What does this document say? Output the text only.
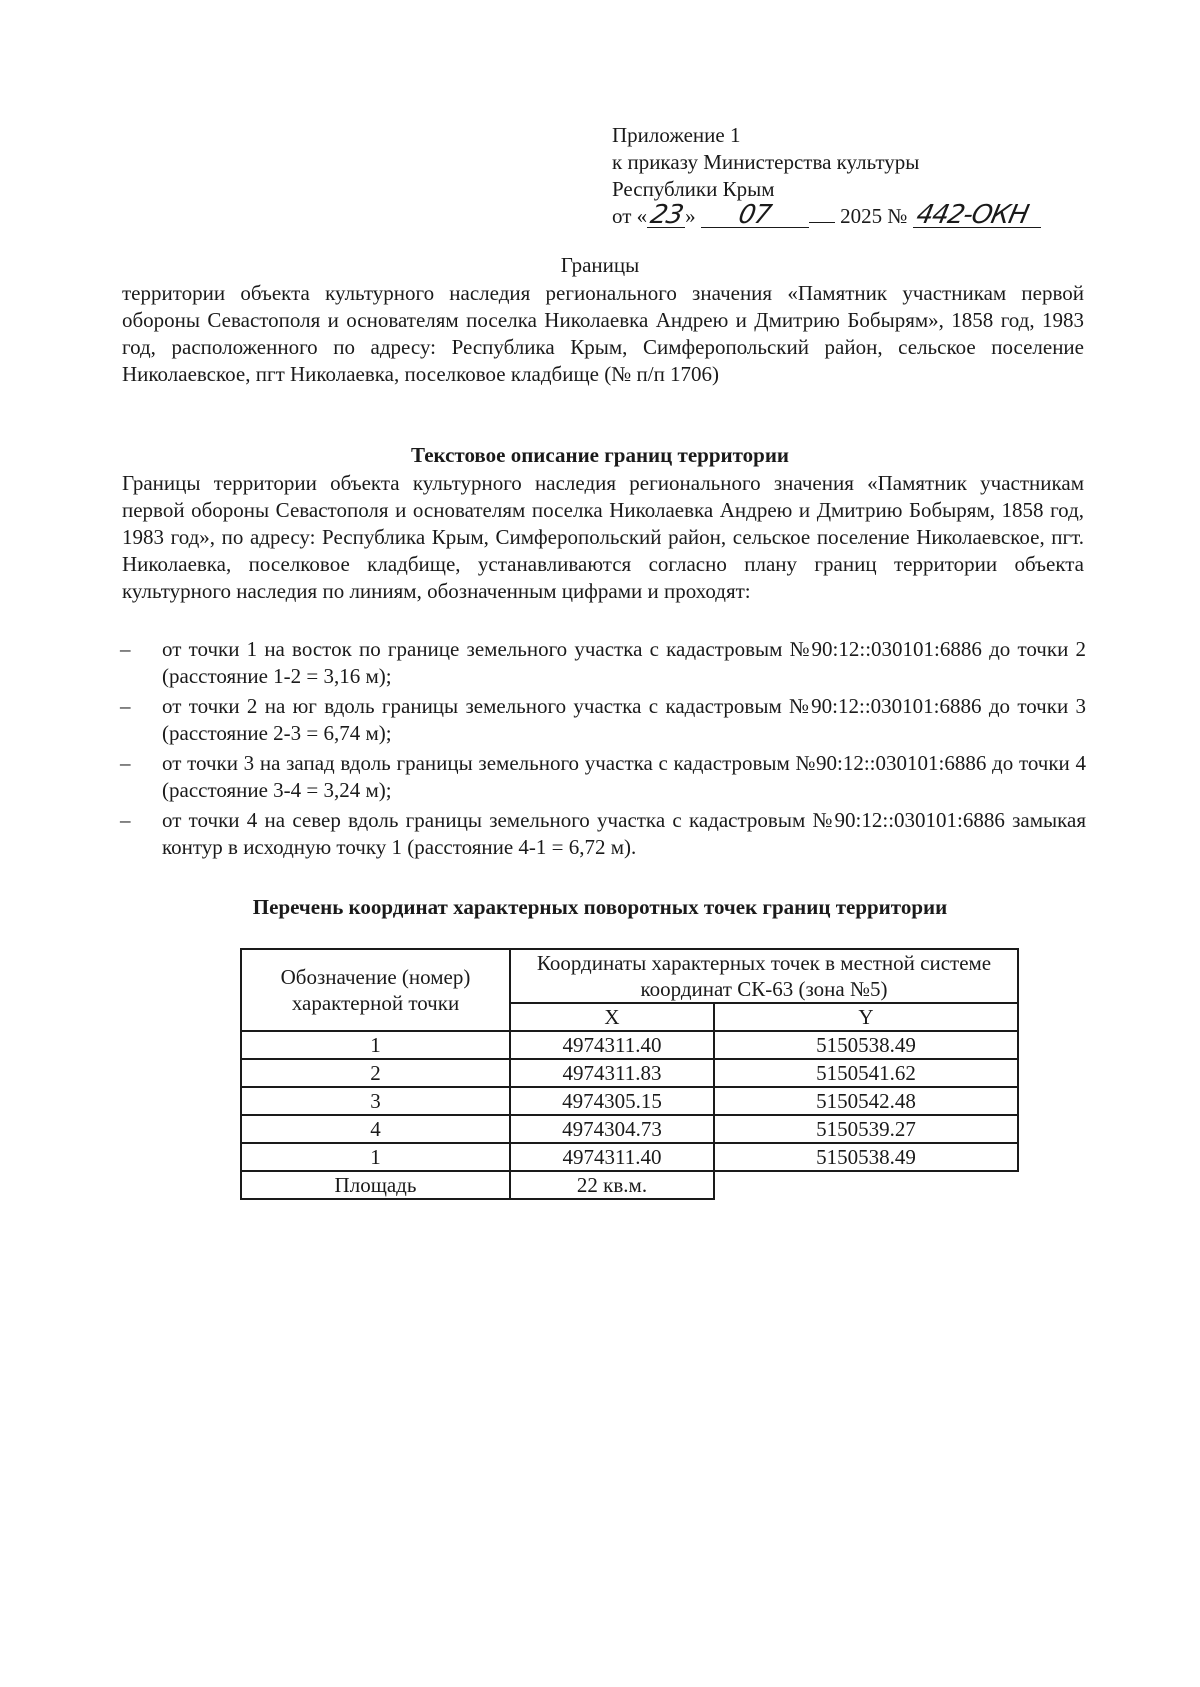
Приложение 1
к приказу Министерства культуры
Республики Крым
от «23» 07	2025 № 442-ОКН
Границы
территории объекта культурного наследия регионального значения «Памятник участникам первой обороны Севастополя и основателям поселка Николаевка Андрею и Дмитрию Бобырям», 1858 год, 1983 год, расположенного по адресу: Республика Крым, Симферопольский район, сельское поселение Николаевское, пгт Николаевка, поселковое кладбище (№ п/п 1706)
Текстовое описание границ территории
Границы территории объекта культурного наследия регионального значения «Памятник участникам первой обороны Севастополя и основателям поселка Николаевка Андрею и Дмитрию Бобырям, 1858 год, 1983 год», по адресу: Республика Крым, Симферопольский район, сельское поселение Николаевское, пгт. Николаевка, поселковое кладбище, устанавливаются согласно плану границ территории объекта культурного наследия по линиям, обозначенным цифрами и проходят:
– от точки 1 на восток по границе земельного участка с кадастровым №90:12::030101:6886 до точки 2 (расстояние 1-2 = 3,16 м);
– от точки 2 на юг вдоль границы земельного участка с кадастровым №90:12::030101:6886 до точки 3 (расстояние 2-3 = 6,74 м);
– от точки 3 на запад вдоль границы земельного участка с кадастровым №90:12::030101:6886 до точки 4 (расстояние 3-4 = 3,24 м);
– от точки 4 на север вдоль границы земельного участка с кадастровым №90:12::030101:6886 замыкая контур в исходную точку 1 (расстояние 4-1 = 6,72 м).
Перечень координат характерных поворотных точек границ территории
Обозначение (номер) характерной точки	Координаты характерных точек в местной системе координат СК-63 (зона №5)	
	X	Y
1	4974311.40	5150538.49
2	4974311.83	5150541.62
3	4974305.15	5150542.48
4	4974304.73	5150539.27
1	4974311.40	5150538.49
Площадь	22 кв.м.	
